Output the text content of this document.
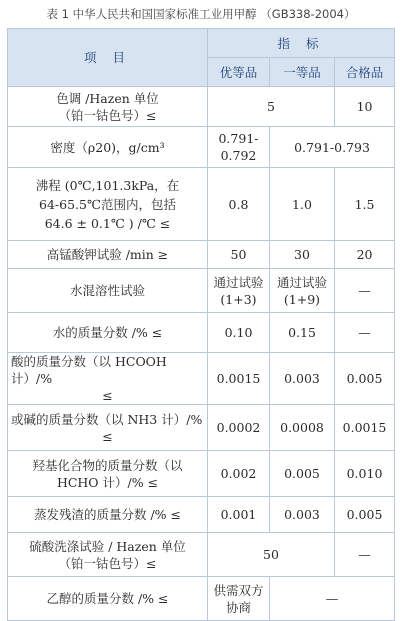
表 1 中华人民共和国国家标准工业用甲醇 （GB338-2004）
项 目	指 标		
	优等品	一等品	合格品

色调 /Hazen 单位
（铂一钴色号）≤	5		10
密度（ρ20)，g/cm³	0.791-0.792	0.791-0.793	

沸程 (0℃,101.3kPa，在
64-65.5℃范围内，包括
64.6 ± 0.1℃ ) /℃ ≤	0.8	1.0	1.5
高锰酸钾试验 /min ≥	50	30	20
水混溶性试验	通过试验 (1+3)	通过试验 (1+9)	—
水的质量分数 /% ≤	0.10	0.15	—

酸的质量分数（以 HCOOH 计）/%
≤	0.0015	0.003	0.005

或碱的质量分数（以 NH3 计）/%
≤	0.0002	0.0008	0.0015

羟基化合物的质量分数（以
HCHO 计）/% ≤	0.002	0.005	0.010
蒸发残渣的质量分数 /% ≤	0.001	0.003	0.005

硫酸洗涤试验 / Hazen 单位
（铂一钴色号）≤	50		—
乙醇的质量分数 /% ≤	供需双方协商	—	
